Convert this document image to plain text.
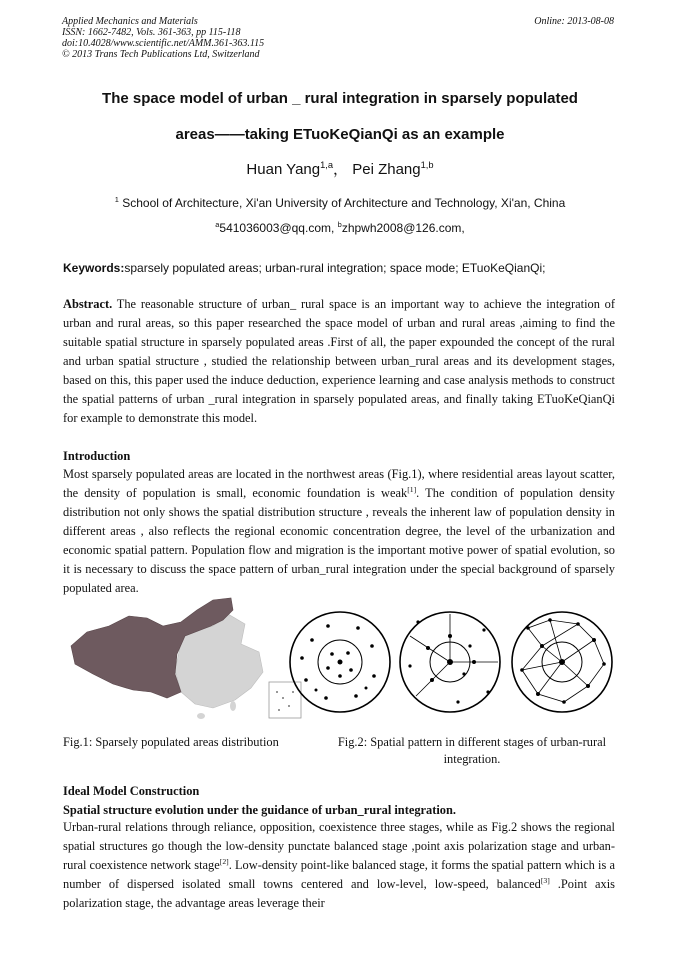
Applied Mechanics and Materials
ISSN: 1662-7482, Vols. 361-363, pp 115-118
doi:10.4028/www.scientific.net/AMM.361-363.115
© 2013 Trans Tech Publications Ltd, Switzerland
Online: 2013-08-08
The space model of urban _ rural integration in sparsely populated
areas——taking ETuoKeQianQi as an example
Huan Yang$^{1,a}$， Pei Zhang$^{1,b}$
$^1$ School of Architecture, Xi'an University of Architecture and Technology, Xi'an, China
$^a$541036003@qq.com, $^b$zhpwh2008@126.com,
Keywords:sparsely populated areas; urban-rural integration; space mode; ETuoKeQianQi;
Abstract. The reasonable structure of urban_ rural space is an important way to achieve the integration of urban and rural areas, so this paper researched the space model of urban and rural areas ,aiming to find the suitable spatial structure in sparsely populated areas .First of all, the paper expounded the concept of the rural and urban spatial structure , studied the relationship between urban_rural areas and its development stages, based on this, this paper used the induce deduction, experience learning and case analysis methods to construct the spatial patterns of urban _rural integration in sparsely populated areas, and finally taking ETuoKeQianQi for example to demonstrate this model.
Introduction
Most sparsely populated areas are located in the northwest areas (Fig.1), where residential areas layout scatter, the density of population is small, economic foundation is weak[1]. The condition of population density distribution not only shows the spatial distribution structure , reveals the inherent law of population density in different areas , also reflects the regional economic concentration degree, the level of the urbanization and economic spatial pattern. Population flow and migration is the important motive power of spatial evolution, so it is necessary to discuss the space pattern of urban_rural integration under the special background of sparsely populated area.
Fig.1: Sparsely populated areas distribution	Fig.2: Spatial pattern in different stages of urban-rural integration.
Ideal Model Construction
Spatial structure evolution under the guidance of urban_rural integration.
Urban-rural relations through reliance, opposition, coexistence three stages, while as Fig.2 shows the regional spatial structures go though the low-density punctate balanced stage ,point axis polarization stage and urban-rural coexistence network stage[2]. Low-density point-like balanced stage, it forms the spatial pattern which is a number of dispersed isolated small towns centered and low-level, low-speed, balanced[3] .Point axis polarization stage, the advantage areas leverage their
